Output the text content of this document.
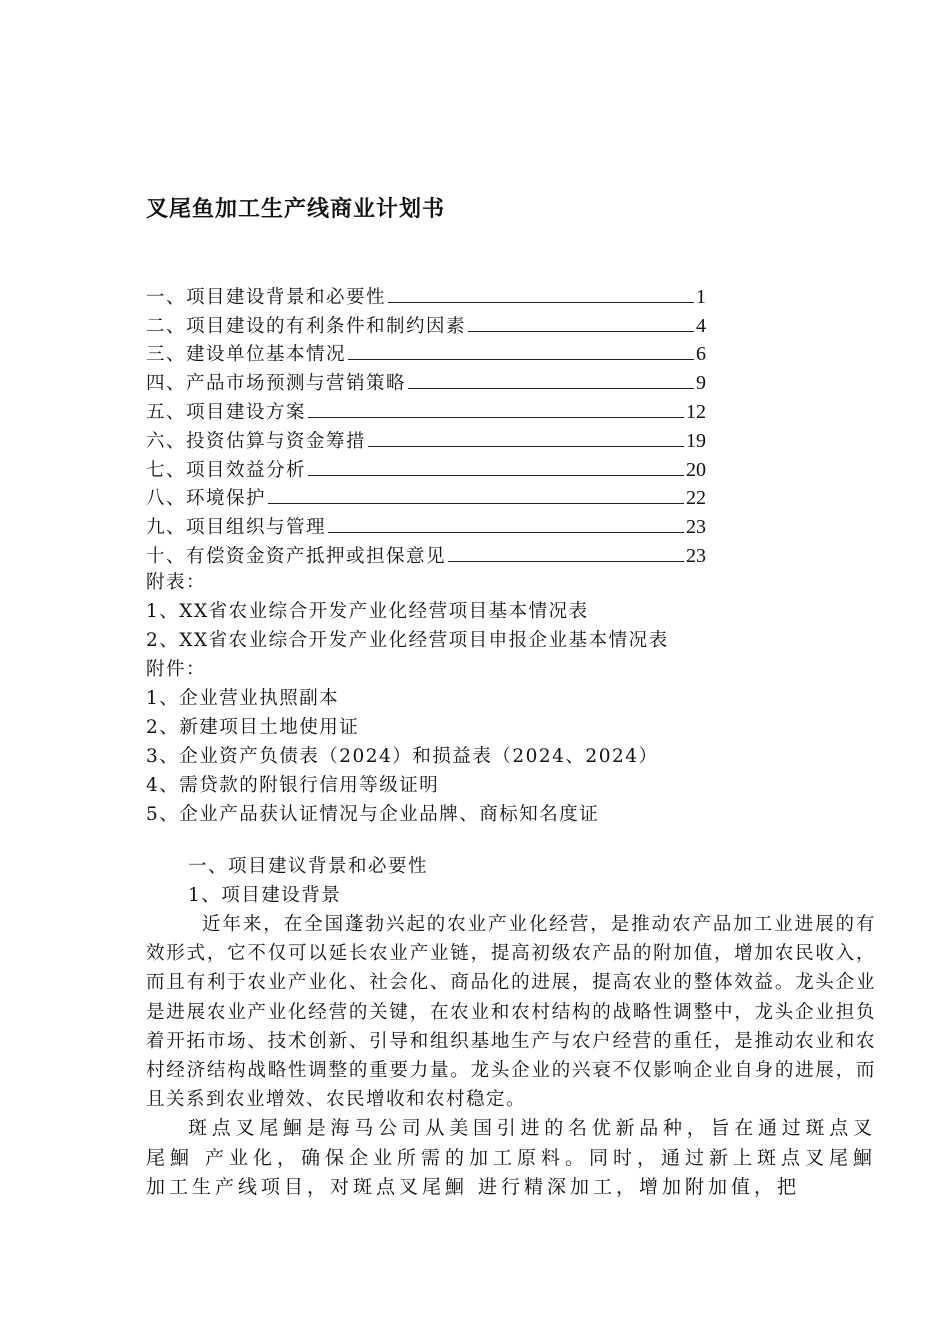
叉尾鱼加工生产线商业计划书
一、项目建设背景和必要性	1
二、项目建设的有利条件和制约因素	4
三、建设单位基本情况	6
四、产品市场预测与营销策略	9
五、项目建设方案	12
六、投资估算与资金筹措	19
七、项目效益分析	20
八、环境保护	22
九、项目组织与管理	23
十、有偿资金资产抵押或担保意见	23
附表：
1、XX省农业综合开发产业化经营项目基本情况表
2、XX省农业综合开发产业化经营项目申报企业基本情况表
附件：
1、企业营业执照副本
2、新建项目土地使用证
3、企业资产负债表（2024）和损益表（2024、2024）
4、需贷款的附银行信用等级证明
5、企业产品获认证情况与企业品牌、商标知名度证
一、项目建议背景和必要性
1、项目建设背景

近年来，在全国蓬勃兴起的农业产业化经营，是推动农产品加工业进展的有效形式，它不仅可以延长农业产业链，提高初级农产品的附加值，增加农民收入，而且有利于农业产业化、社会化、商品化的进展，提高农业的整体效益。龙头企业是进展农业产业化经营的关键，在农业和农村结构的战略性调整中，龙头企业担负着开拓市场、技术创新、引导和组织基地生产与农户经营的重任，是推动农业和农村经济结构战略性调整的重要力量。龙头企业的兴衰不仅影响企业自身的进展，而且关系到农业增效、农民增收和农村稳定。

斑点叉尾鮰是海马公司从美国引进的名优新品种，旨在通过斑点叉尾鮰 产业化，确保企业所需的加工原料。同时，通过新上斑点叉尾鮰 加工生产线项目，对斑点叉尾鮰 进行精深加工，增加附加值，把
